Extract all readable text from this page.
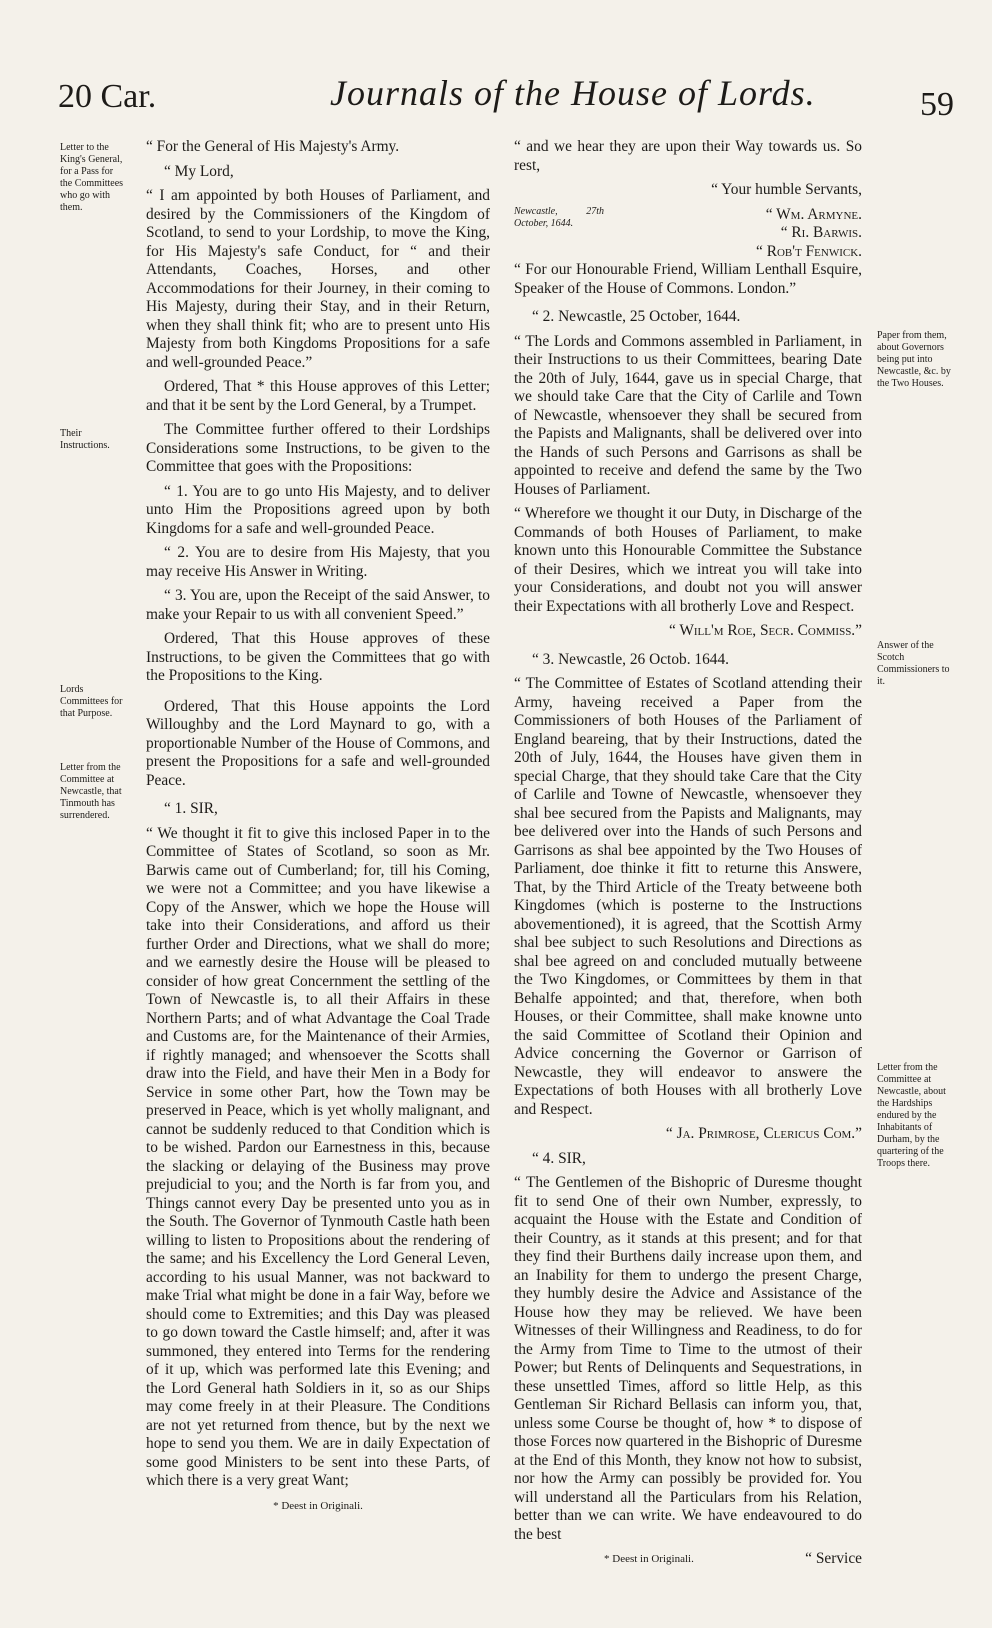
20 Car.	Journals of the House of Lords.	59
Letter to the King's General, for a Pass for the Committees who go with them.
Their Instructions.
Lords Committees for that Purpose.
Letter from the Committee at Newcastle, that Tinmouth has surrendered.
Paper from them, about Governors being put into Newcastle, &c. by the Two Houses.
Answer of the Scotch Commissioners to it.
Letter from the Committee at Newcastle, about the Hardships endured by the Inhabitants of Durham, by the quartering of the Troops there.

“ For the General of His Majesty's Army.

“ My Lord,

“ I am appointed by both Houses of Parliament, and desired by the Commissioners of the Kingdom of Scotland, to send to your Lordship, to move the King, for His Majesty's safe Conduct, for “ and their Attendants, Coaches, Horses, and other Accommodations for their Journey, in their coming to His Majesty, during their Stay, and in their Return, when they shall think fit; who are to present unto His Majesty from both Kingdoms Propositions for a safe and well-grounded Peace.”

Ordered, That * this House approves of this Letter; and that it be sent by the Lord General, by a Trumpet.

The Committee further offered to their Lordships Considerations some Instructions, to be given to the Committee that goes with the Propositions:

“ 1. You are to go unto His Majesty, and to deliver unto Him the Propositions agreed upon by both Kingdoms for a safe and well-grounded Peace.

“ 2. You are to desire from His Majesty, that you may receive His Answer in Writing.

“ 3. You are, upon the Receipt of the said Answer, to make your Repair to us with all convenient Speed.”

Ordered, That this House approves of these Instructions, to be given the Committees that go with the Propositions to the King.

Ordered, That this House appoints the Lord Willoughby and the Lord Maynard to go, with a proportionable Number of the House of Commons, and present the Propositions for a safe and well-grounded Peace.

“ 1. SIR,

“ We thought it fit to give this inclosed Paper in to the Committee of States of Scotland, so soon as Mr. Barwis came out of Cumberland; for, till his Coming, we were not a Committee; and you have likewise a Copy of the Answer, which we hope the House will take into their Considerations, and afford us their further Order and Directions, what we shall do more; and we earnestly desire the House will be pleased to consider of how great Concernment the settling of the Town of Newcastle is, to all their Affairs in these Northern Parts; and of what Advantage the Coal Trade and Customs are, for the Maintenance of their Armies, if rightly managed; and whensoever the Scotts shall draw into the Field, and have their Men in a Body for Service in some other Part, how the Town may be preserved in Peace, which is yet wholly malignant, and cannot be suddenly reduced to that Condition which is to be wished. Pardon our Earnestness in this, because the slacking or delaying of the Business may prove prejudicial to you; and the North is far from you, and Things cannot every Day be presented unto you as in the South. The Governor of Tynmouth Castle hath been willing to listen to Propositions about the rendering of the same; and his Excellency the Lord General Leven, according to his usual Manner, was not backward to make Trial what might be done in a fair Way, before we should come to Extremities; and this Day was pleased to go down toward the Castle himself; and, after it was summoned, they entered into Terms for the rendering of it up, which was performed late this Evening; and the Lord General hath Soldiers in it, so as our Ships may come freely in at their Pleasure. The Conditions are not yet returned from thence, but by the next we hope to send you them. We are in daily Expectation of some good Ministers to be sent into these Parts, of which there is a very great Want;

* Deest in Originali.

“ and we hear they are upon their Way towards us. So rest,

“ Your humble Servants,

Newcastle, 27th October, 1644.
“ Wm. Armyne.
“ Ri. Barwis.
“ Rob't Fenwick.

“ For our Honourable Friend, William Lenthall Esquire, Speaker of the House of Commons. London.”

“ 2. Newcastle, 25 October, 1644.

“ The Lords and Commons assembled in Parliament, in their Instructions to us their Committees, bearing Date the 20th of July, 1644, gave us in special Charge, that we should take Care that the City of Carlile and Town of Newcastle, whensoever they shall be secured from the Papists and Malignants, shall be delivered over into the Hands of such Persons and Garrisons as shall be appointed to receive and defend the same by the Two Houses of Parliament.

“ Wherefore we thought it our Duty, in Discharge of the Commands of both Houses of Parliament, to make known unto this Honourable Committee the Substance of their Desires, which we intreat you will take into your Considerations, and doubt not you will answer their Expectations with all brotherly Love and Respect.

“ Will'm Roe, Secr. Commiss.”

“ 3. Newcastle, 26 Octob. 1644.

“ The Committee of Estates of Scotland attending their Army, haveing received a Paper from the Commissioners of both Houses of the Parliament of England beareing, that by their Instructions, dated the 20th of July, 1644, the Houses have given them in special Charge, that they should take Care that the City of Carlile and Towne of Newcastle, whensoever they shal bee secured from the Papists and Malignants, may bee delivered over into the Hands of such Persons and Garrisons as shal bee appointed by the Two Houses of Parliament, doe thinke it fitt to returne this Answere, That, by the Third Article of the Treaty betweene both Kingdomes (which is posterne to the Instructions abovementioned), it is agreed, that the Scottish Army shal bee subject to such Resolutions and Directions as shal bee agreed on and concluded mutually betweene the Two Kingdomes, or Committees by them in that Behalfe appointed; and that, therefore, when both Houses, or their Committee, shall make knowne unto the said Committee of Scotland their Opinion and Advice concerning the Governor or Garrison of Newcastle, they will endeavor to answere the Expectations of both Houses with all brotherly Love and Respect.

“ Ja. Primrose, Clericus Com.”

“ 4. SIR,

“ The Gentlemen of the Bishopric of Duresme thought fit to send One of their own Number, expressly, to acquaint the House with the Estate and Condition of their Country, as it stands at this present; and for that they find their Burthens daily increase upon them, and an Inability for them to undergo the present Charge, they humbly desire the Advice and Assistance of the House how they may be relieved. We have been Witnesses of their Willingness and Readiness, to do for the Army from Time to Time to the utmost of their Power; but Rents of Delinquents and Sequestrations, in these unsettled Times, afford so little Help, as this Gentleman Sir Richard Bellasis can inform you, that, unless some Course be thought of, how * to dispose of those Forces now quartered in the Bishopric of Duresme at the End of this Month, they know not how to subsist, nor how the Army can possibly be provided for. You will understand all the Particulars from his Relation, better than we can write. We have endeavoured to do the best

* Deest in Originali.	“ Service
